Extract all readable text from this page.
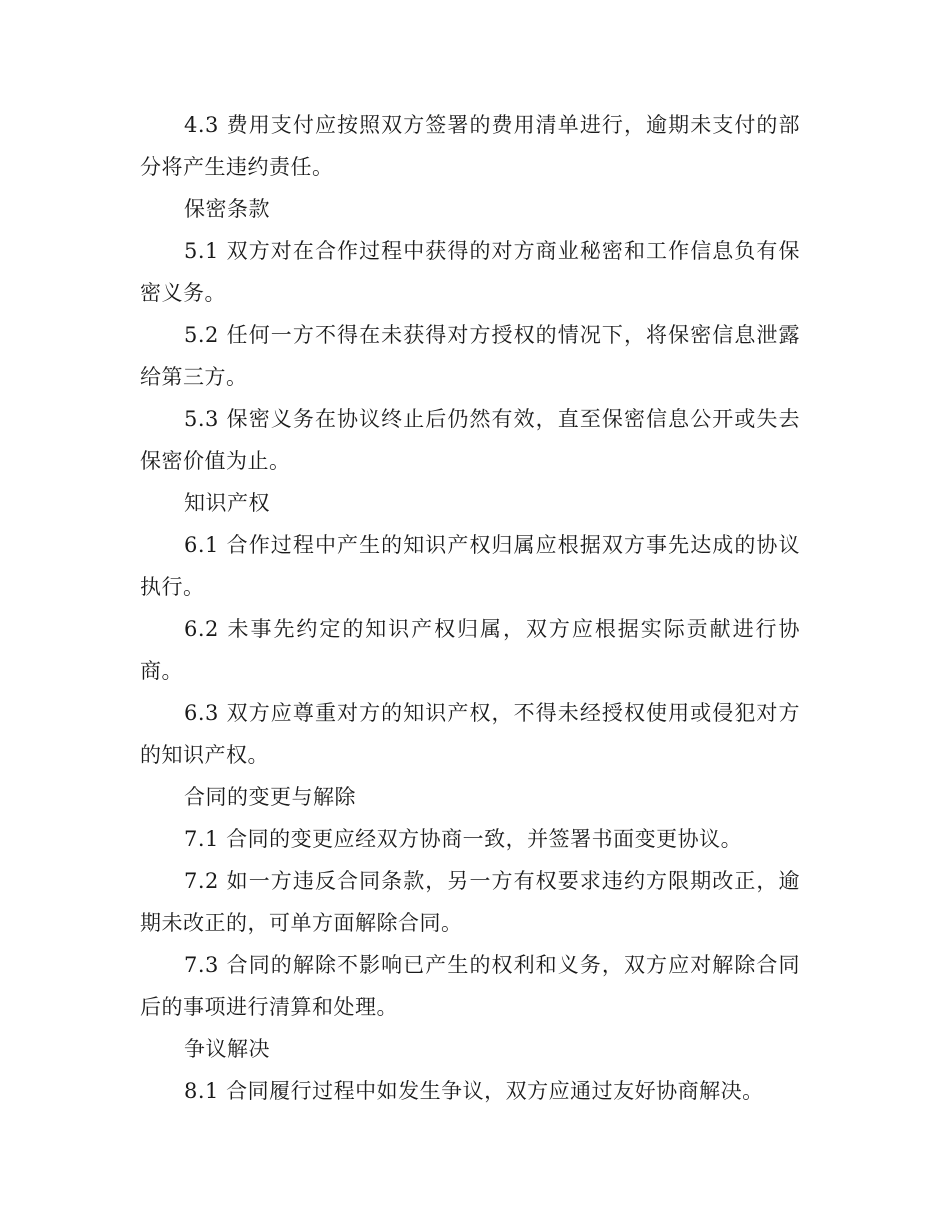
4.3 费用支付应按照双方签署的费用清单进行，逾期未支付的部分将产生违约责任。

保密条款

5.1 双方对在合作过程中获得的对方商业秘密和工作信息负有保密义务。

5.2 任何一方不得在未获得对方授权的情况下，将保密信息泄露给第三方。

5.3 保密义务在协议终止后仍然有效，直至保密信息公开或失去保密价值为止。

知识产权

6.1 合作过程中产生的知识产权归属应根据双方事先达成的协议执行。

6.2 未事先约定的知识产权归属，双方应根据实际贡献进行协商。

6.3 双方应尊重对方的知识产权，不得未经授权使用或侵犯对方的知识产权。

合同的变更与解除

7.1 合同的变更应经双方协商一致，并签署书面变更协议。

7.2 如一方违反合同条款，另一方有权要求违约方限期改正，逾期未改正的，可单方面解除合同。

7.3 合同的解除不影响已产生的权利和义务，双方应对解除合同后的事项进行清算和处理。

争议解决

8.1 合同履行过程中如发生争议，双方应通过友好协商解决。
